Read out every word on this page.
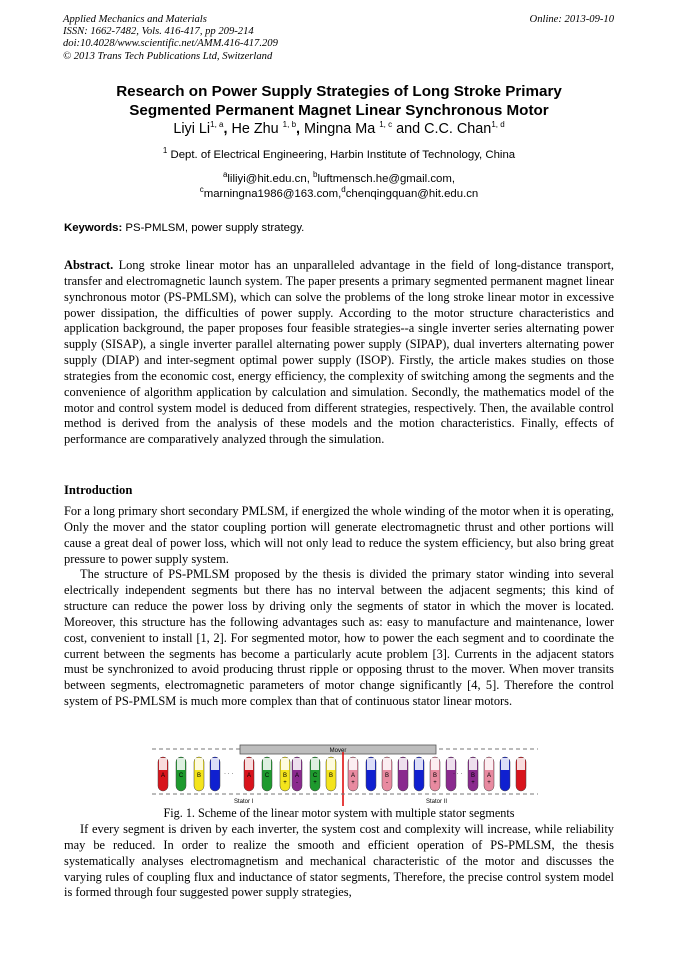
Applied Mechanics and Materials
ISSN: 1662-7482, Vols. 416-417, pp 209-214
doi:10.4028/www.scientific.net/AMM.416-417.209
© 2013 Trans Tech Publications Ltd, Switzerland
Online: 2013-09-10
Research on Power Supply Strategies of Long Stroke Primary
Segmented Permanent Magnet Linear Synchronous Motor
Liyi Li$^{1, a}$, He Zhu $^{1, b}$, Mingna Ma $^{1, c}$ and C.C. Chan$^{1, d}$
$^1$ Dept. of Electrical Engineering, Harbin Institute of Technology, China
$^a$liliyi@hit.edu.cn, $^b$luftmensch.he@gmail.com,
$^c$marningna1986@163.com,$^d$chenqingquan@hit.edu.cn
Keywords: PS-PMLSM, power supply strategy.
Abstract. Long stroke linear motor has an unparalleled advantage in the field of long-distance transport, transfer and electromagnetic launch system. The paper presents a primary segmented permanent magnet linear synchronous motor (PS-PMLSM), which can solve the problems of the long stroke linear motor in excessive power dissipation, the difficulties of power supply. According to the motor structure characteristics and application background, the paper proposes four feasible strategies--a single inverter series alternating power supply (SISAP), a single inverter parallel alternating power supply (SIPAP), dual inverters alternating power supply (DIAP) and inter-segment optimal power supply (ISOP). Firstly, the article makes studies on those strategies from the economic cost, energy efficiency, the complexity of switching among the segments and the convenience of algorithm application by calculation and simulation. Secondly, the mathematics model of the motor and control system model is deduced from different strategies, respectively. Then, the available control method is derived from the analysis of these models and the motion characteristics. Finally, effects of performance are comparatively analyzed through the simulation.
Introduction
For a long primary short secondary PMLSM, if energized the whole winding of the motor when it is operating, Only the mover and the stator coupling portion will generate electromagnetic thrust and other portions will cause a great deal of power loss, which will not only lead to reduce the system efficiency, but also bring great pressure to power supply system.
The structure of PS-PMLSM proposed by the thesis is divided the primary stator winding into several electrically independent segments but there has no interval between the adjacent segments; this kind of structure can reduce the power loss by driving only the segments of stator in which the mover is located. Moreover, this structure has the following advantages such as: easy to manufacture and maintenance, lower cost, convenient to install [1, 2]. For segmented motor, how to power the each segment and to coordinate the current between the segments has become a particularly acute problem [3]. Currents in the adjacent stators must be synchronized to avoid producing thrust ripple or opposing thrust to the mover. When mover transits between segments, electromagnetic parameters of motor change significantly [4, 5]. Therefore the control system of PS-PMLSM is much more complex than that of continuous stator linear motors.
Mover
A C B	A C B
+
A
-
C
+
B	A
+
B
-
B
+
B
+
A
+
Stator I	Stator II
· · ·	· · ·
Fig. 1. Scheme of the linear motor system with multiple stator segments
If every segment is driven by each inverter, the system cost and complexity will increase, while reliability may be reduced. In order to realize the smooth and efficient operation of PS-PMLSM, the thesis systematically analyses electromagnetism and mechanical characteristic of the motor and discusses the varying rules of coupling flux and inductance of stator segments, Therefore, the precise control system model is formed through four suggested power supply strategies,
